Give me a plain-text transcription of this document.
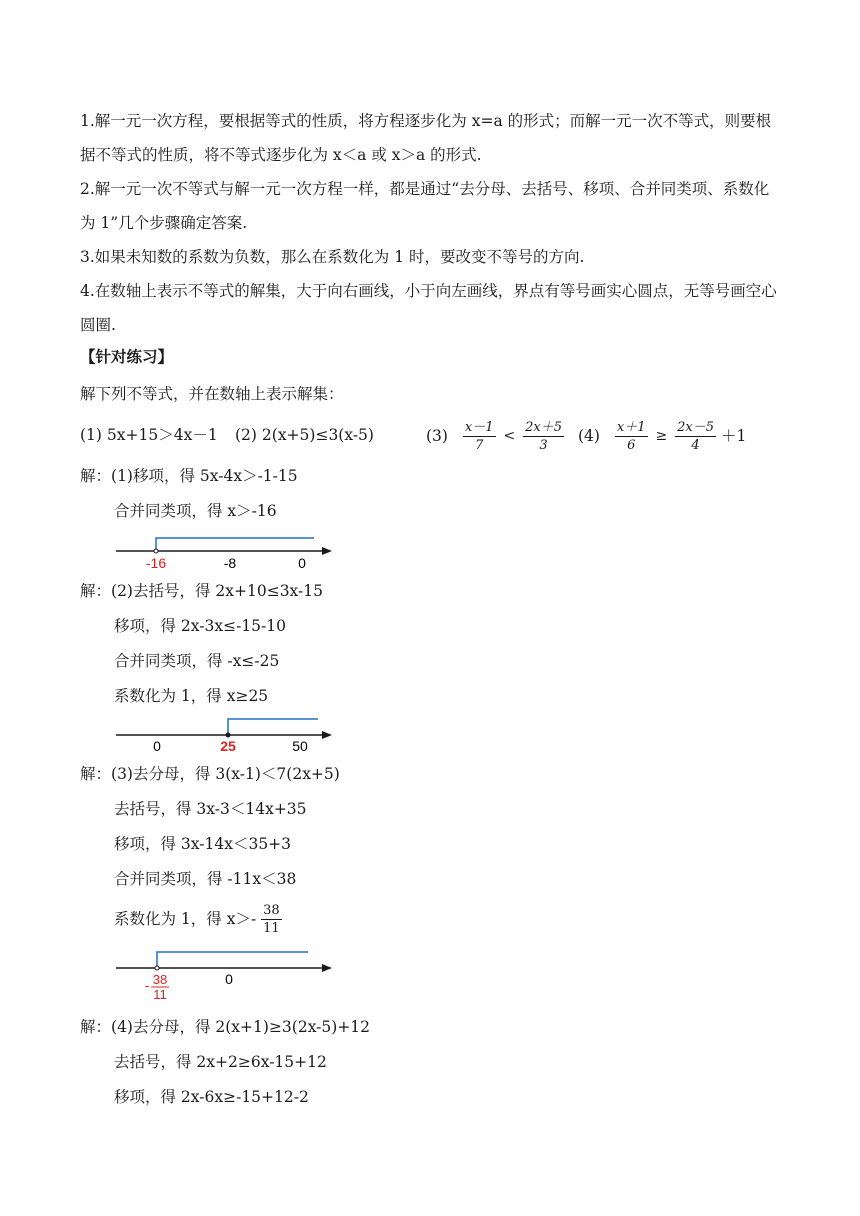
1.解一元一次方程，要根据等式的性质，将方程逐步化为 x=a 的形式；而解一元一次不等式，则要根据不等式的性质，将不等式逐步化为 x＜a 或 x＞a 的形式.
2.解一元一次不等式与解一元一次方程一样，都是通过“去分母、去括号、移项、合并同类项、系数化为 1”几个步骤确定答案.
3.如果未知数的系数为负数，那么在系数化为 1 时，要改变不等号的方向.
4.在数轴上表示不等式的解集，大于向右画线，小于向左画线，界点有等号画实心圆点，无等号画空心圆圈.
【针对练习】
解下列不等式，并在数轴上表示解集：
(1) 5x+15＞4x－1 (2) 2(x+5)≤3(x-5)	$(3) \frac{x-1}{7} < \frac{2x+5}{3} (4) \frac{x+1}{6} \ge \frac{2x-5}{4} +1$
解：(1)移项，得 5x-4x＞-1-15
合并同类项，得 x＞-16
-16	-8	0
解：(2)去括号，得 2x+10≤3x-15
移项，得 2x-3x≤-15-10
合并同类项，得 -x≤-25
系数化为 1，得 x≥25
0	25	50
解：(3)去分母，得 3(x-1)＜7(2x+5)
去括号，得 3x-3＜14x+35
移项，得 3x-14x＜35+3
合并同类项，得 -11x＜38
系数化为 1，得 $x>- \frac{38}{11}$
- 38
11
0
解：(4)去分母，得 2(x+1)≥3(2x-5)+12
去括号，得 2x+2≥6x-15+12
移项，得 2x-6x≥-15+12-2
